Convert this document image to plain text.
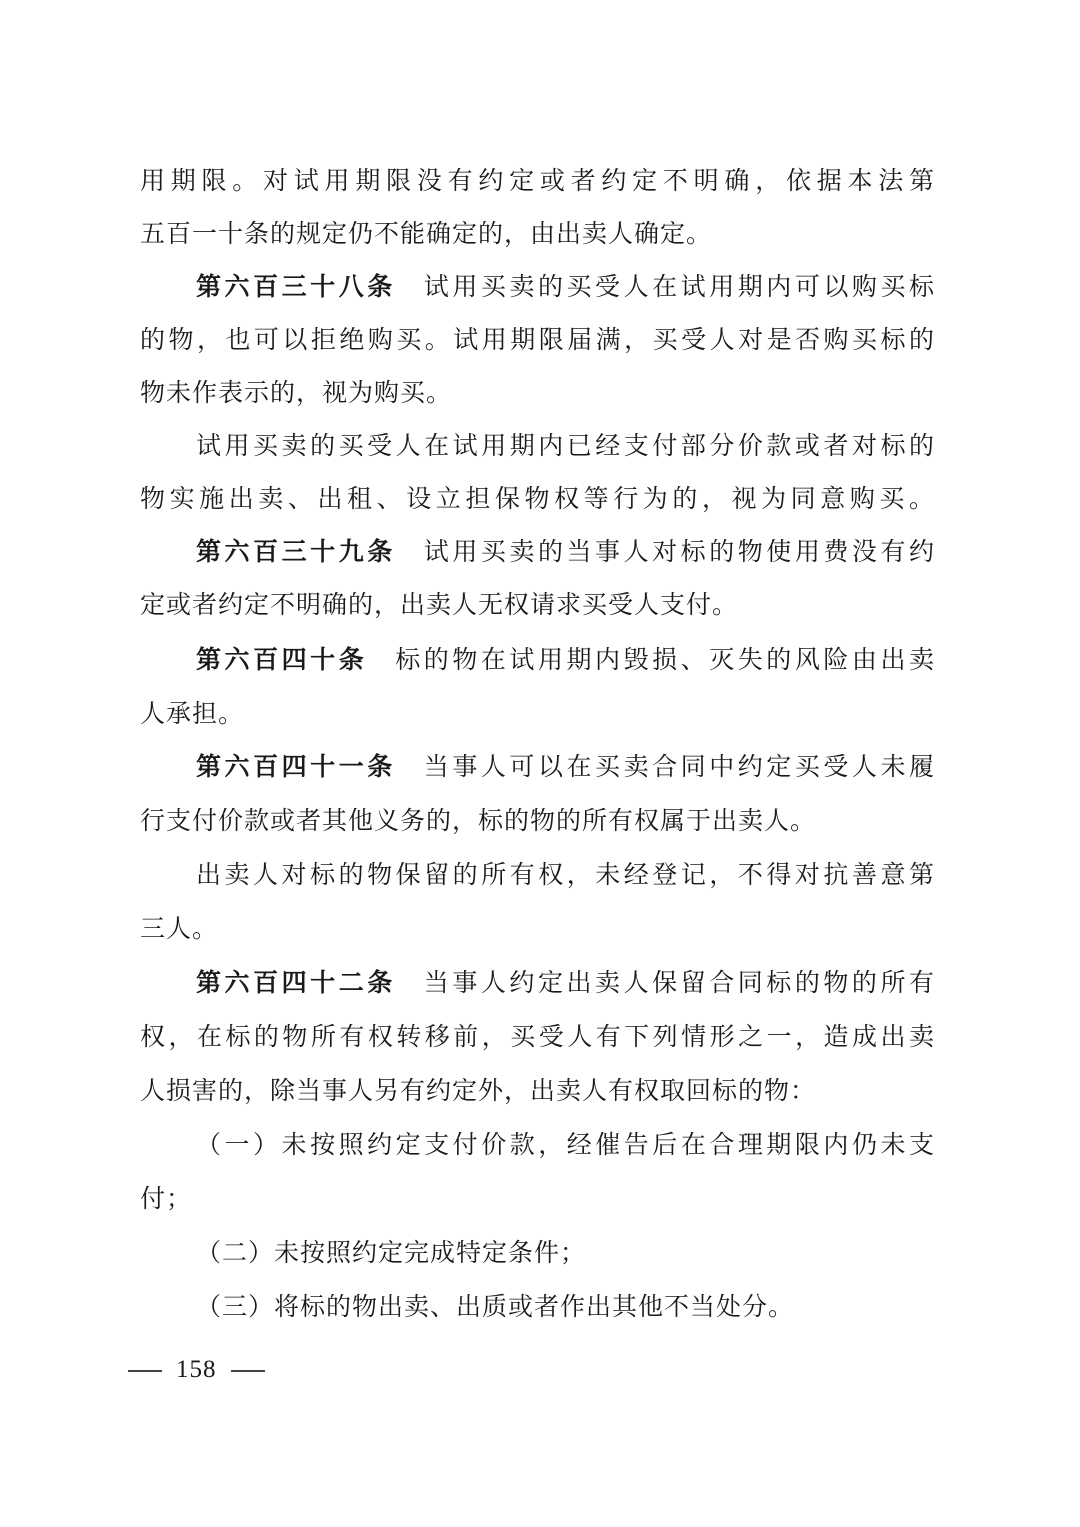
用期限。对试用期限没有约定或者约定不明确，依据本法第
五百一十条的规定仍不能确定的，由出卖人确定。
第六百三十八条 试用买卖的买受人在试用期内可以购买标
的物，也可以拒绝购买。试用期限届满，买受人对是否购买标的
物未作表示的，视为购买。
试用买卖的买受人在试用期内已经支付部分价款或者对标的
物实施出卖、出租、设立担保物权等行为的，视为同意购买。
第六百三十九条 试用买卖的当事人对标的物使用费没有约
定或者约定不明确的，出卖人无权请求买受人支付。
第六百四十条 标的物在试用期内毁损、灭失的风险由出卖
人承担。
第六百四十一条 当事人可以在买卖合同中约定买受人未履
行支付价款或者其他义务的，标的物的所有权属于出卖人。
出卖人对标的物保留的所有权，未经登记，不得对抗善意第
三人。
第六百四十二条 当事人约定出卖人保留合同标的物的所有
权，在标的物所有权转移前，买受人有下列情形之一，造成出卖
人损害的，除当事人另有约定外，出卖人有权取回标的物：
（一）未按照约定支付价款，经催告后在合理期限内仍未支
付；
（二）未按照约定完成特定条件；
（三）将标的物出卖、出质或者作出其他不当处分。
158
